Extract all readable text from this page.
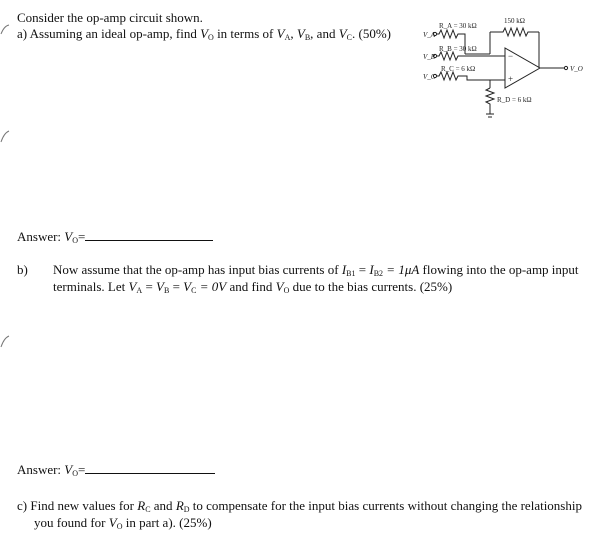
Consider the op-amp circuit shown.
a) Assuming an ideal op-amp, find $V_O$ in terms of $V_A$, $V_B$, and $V_C$. (50%)
150 kΩ
R_A = 30 kΩ
R_B = 30 kΩ
R_C = 6 kΩ
R_D = 6 kΩ
V_A
V_B
V_C
V_O
−
+
Answer: $V_O=$
b) Now assume that the op-amp has input bias currents of $I_{B1} = I_{B2} = 1\mu A$ flowing into the op-amp input
terminals. Let $V_A = V_B = V_C = 0V$ and find $V_O$ due to the bias currents. (25%)
Answer: $V_O=$
c) Find new values for $R_C$ and $R_D$ to compensate for the input bias currents without changing the relationship
you found for $V_O$ in part a). (25%)
